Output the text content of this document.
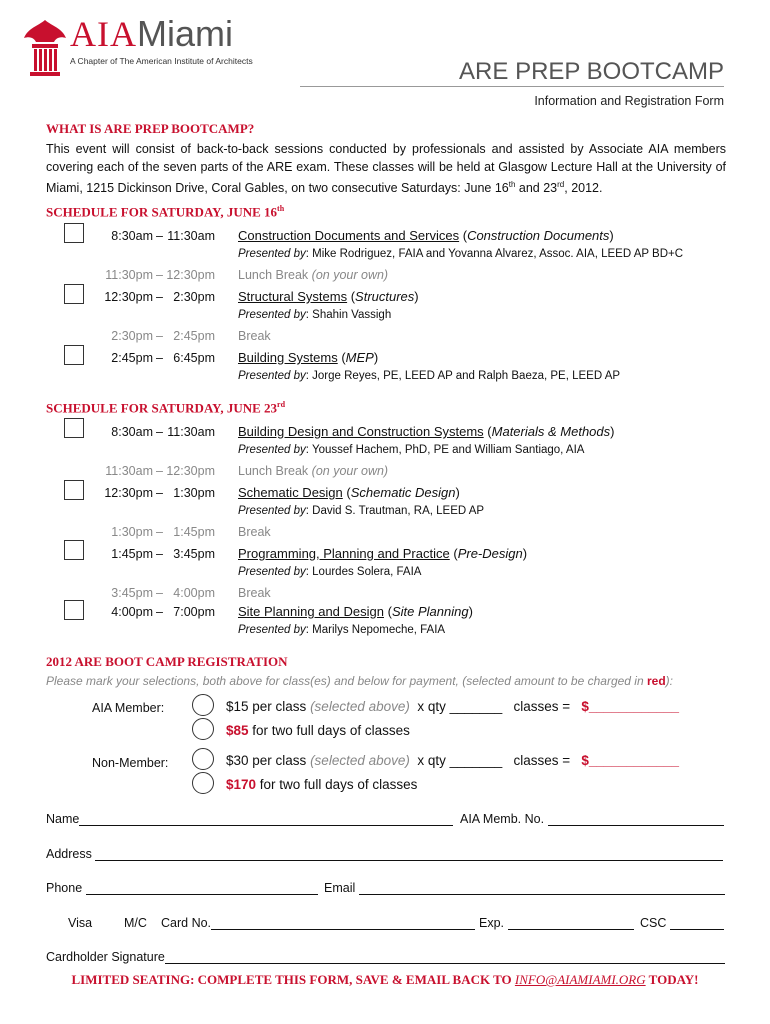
AIAMiami
A Chapter of The American Institute of Architects	ARE PREP BOOTCAMP
Information and Registration Form
WHAT IS ARE PREP BOOTCAMP?
This event will consist of back-to-back sessions conducted by professionals and assisted by Associate AIA members covering each of the seven parts of the ARE exam. These classes will be held at Glasgow Lecture Hall at the University of Miami, 1215 Dickinson Drive, Coral Gables, on two consecutive Saturdays: June 16th and 23rd, 2012.
SCHEDULE FOR SATURDAY, JUNE 16th
8:30am – 11:30am Construction Documents and Services (Construction Documents)
Presented by: Mike Rodriguez, FAIA and Yovanna Alvarez, Assoc. AIA, LEED AP BD+C
11:30pm – 12:30pm Lunch Break (on your own)
12:30pm – 2:30pm Structural Systems (Structures)
Presented by: Shahin Vassigh
2:30pm – 2:45pm Break
2:45pm – 6:45pm Building Systems (MEP)
Presented by: Jorge Reyes, PE, LEED AP and Ralph Baeza, PE, LEED AP
SCHEDULE FOR SATURDAY, JUNE 23rd
8:30am – 11:30am Building Design and Construction Systems (Materials & Methods)
Presented by: Youssef Hachem, PhD, PE and William Santiago, AIA
11:30am – 12:30pm Lunch Break (on your own)
12:30pm – 1:30pm Schematic Design (Schematic Design)
Presented by: David S. Trautman, RA, LEED AP
1:30pm – 1:45pm Break
1:45pm – 3:45pm Programming, Planning and Practice (Pre-Design)
Presented by: Lourdes Solera, FAIA
3:45pm – 4:00pm Break
4:00pm – 7:00pm Site Planning and Design (Site Planning)
Presented by: Marilys Nepomeche, FAIA
2012 ARE BOOT CAMP REGISTRATION
Please mark your selections, both above for class(es) and below for payment, (selected amount to be charged in red):
AIA Member:	$15 per class (selected above) x qty _______ classes = $____________
$85 for two full days of classes
Non-Member:	$30 per class (selected above) x qty _______ classes = $____________
$170 for two full days of classes
Name	AIA Memb. No.
Address
Phone	Email
Visa	M/C Card No.	Exp.	CSC
Cardholder Signature
LIMITED SEATING: COMPLETE THIS FORM, SAVE & EMAIL BACK TO INFO@AIAMIAMI.ORG TODAY!
